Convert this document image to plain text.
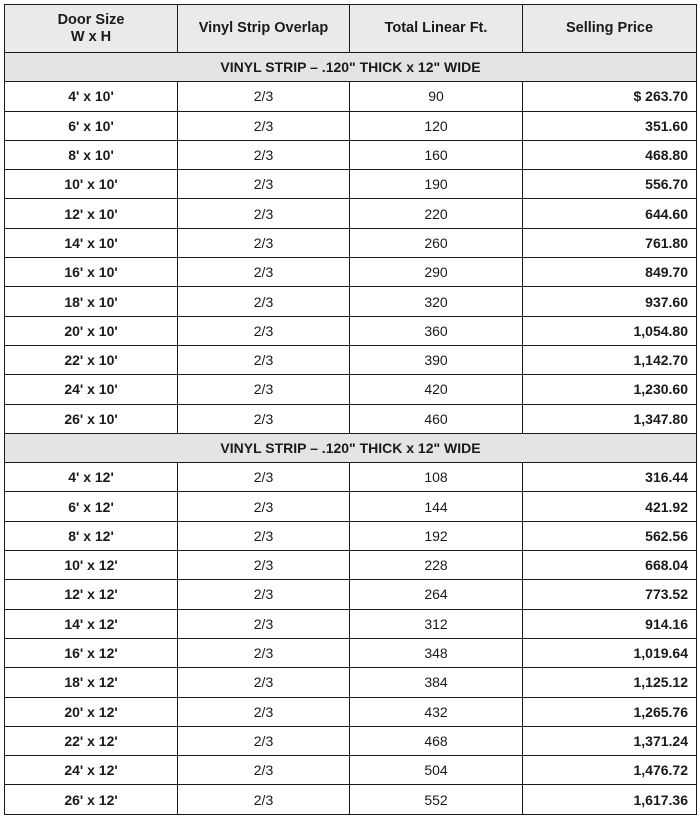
Door Size
W x H	Vinyl Strip Overlap	Total Linear Ft.	Selling Price
VINYL STRIP – .120" THICK x 12" WIDE			
4' x 10'	2/3	90	$ 263.70
6' x 10'	2/3	120	351.60
8' x 10'	2/3	160	468.80
10' x 10'	2/3	190	556.70
12' x 10'	2/3	220	644.60
14' x 10'	2/3	260	761.80
16' x 10'	2/3	290	849.70
18' x 10'	2/3	320	937.60
20' x 10'	2/3	360	1,054.80
22' x 10'	2/3	390	1,142.70
24' x 10'	2/3	420	1,230.60
26' x 10'	2/3	460	1,347.80
VINYL STRIP – .120" THICK x 12" WIDE			
4' x 12'	2/3	108	316.44
6' x 12'	2/3	144	421.92
8' x 12'	2/3	192	562.56
10' x 12'	2/3	228	668.04
12' x 12'	2/3	264	773.52
14' x 12'	2/3	312	914.16
16' x 12'	2/3	348	1,019.64
18' x 12'	2/3	384	1,125.12
20' x 12'	2/3	432	1,265.76
22' x 12'	2/3	468	1,371.24
24' x 12'	2/3	504	1,476.72
26' x 12'	2/3	552	1,617.36
